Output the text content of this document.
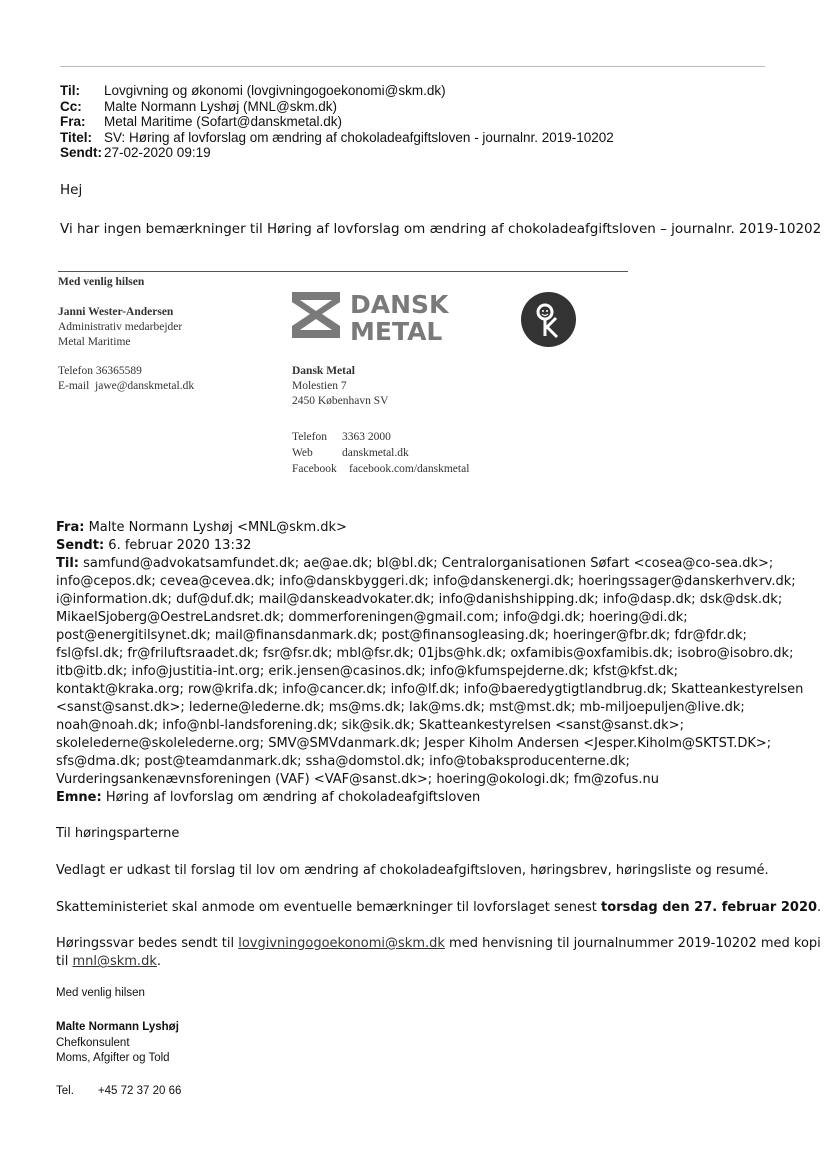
Til:	Lovgivning og økonomi (lovgivningogoekonomi@skm.dk)
Cc:	Malte Normann Lyshøj (MNL@skm.dk)
Fra:	Metal Maritime (Sofart@danskmetal.dk)
Titel: SV: Høring af lovforslag om ændring af chokoladeafgiftsloven - journalnr. 2019-10202
Sendt: 27-02-2020 09:19
Hej
Vi har ingen bemærkninger til Høring af lovforslag om ændring af chokoladeafgiftsloven – journalnr. 2019-10202
Med venlig hilsen
Janni Wester-Andersen
Administrativ medarbejder
Metal Maritime
Telefon 36365589
E-mail jawe@danskmetal.dk
DANSK
METAL
Dansk Metal
Molestien 7
2450 København SV
Telefon	3363 2000
Web	danskmetal.dk
Facebook	facebook.com/danskmetal
Fra: Malte Normann Lyshøj <MNL@skm.dk>
Sendt: 6. februar 2020 13:32
Til: samfund@advokatsamfundet.dk; ae@ae.dk; bl@bl.dk; Centralorganisationen Søfart <cosea@co-sea.dk>;
info@cepos.dk; cevea@cevea.dk; info@danskbyggeri.dk; info@danskenergi.dk; hoeringssager@danskerhverv.dk;
i@information.dk; duf@duf.dk; mail@danskeadvokater.dk; info@danishshipping.dk; info@dasp.dk; dsk@dsk.dk;
MikaelSjoberg@OestreLandsret.dk; dommerforeningen@gmail.com; info@dgi.dk; hoering@di.dk;
post@energitilsynet.dk; mail@finansdanmark.dk; post@finansogleasing.dk; hoeringer@fbr.dk; fdr@fdr.dk;
fsl@fsl.dk; fr@friluftsraadet.dk; fsr@fsr.dk; mbl@fsr.dk; 01jbs@hk.dk; oxfamibis@oxfamibis.dk; isobro@isobro.dk;
itb@itb.dk; info@justitia-int.org; erik.jensen@casinos.dk; info@kfumspejderne.dk; kfst@kfst.dk;
kontakt@kraka.org; row@krifa.dk; info@cancer.dk; info@lf.dk; info@baeredygtigtlandbrug.dk; Skatteankestyrelsen
<sanst@sanst.dk>; lederne@lederne.dk; ms@ms.dk; lak@ms.dk; mst@mst.dk; mb-miljoepuljen@live.dk;
noah@noah.dk; info@nbl-landsforening.dk; sik@sik.dk; Skatteankestyrelsen <sanst@sanst.dk>;
skolelederne@skolelederne.org; SMV@SMVdanmark.dk; Jesper Kiholm Andersen <Jesper.Kiholm@SKTST.DK>;
sfs@dma.dk; post@teamdanmark.dk; ssha@domstol.dk; info@tobaksproducenterne.dk;
Vurderingsankenævnsforeningen (VAF) <VAF@sanst.dk>; hoering@okologi.dk; fm@zofus.nu
Emne: Høring af lovforslag om ændring af chokoladeafgiftsloven
Til høringsparterne
Vedlagt er udkast til forslag til lov om ændring af chokoladeafgiftsloven, høringsbrev, høringsliste og resumé.
Skatteministeriet skal anmode om eventuelle bemærkninger til lovforslaget senest torsdag den 27. februar 2020.
Høringssvar bedes sendt til lovgivningogoekonomi@skm.dk med henvisning til journalnummer 2019-10202 med kopi
til mnl@skm.dk.
Med venlig hilsen
Malte Normann Lyshøj
Chefkonsulent
Moms, Afgifter og Told
Tel. +45 72 37 20 66
